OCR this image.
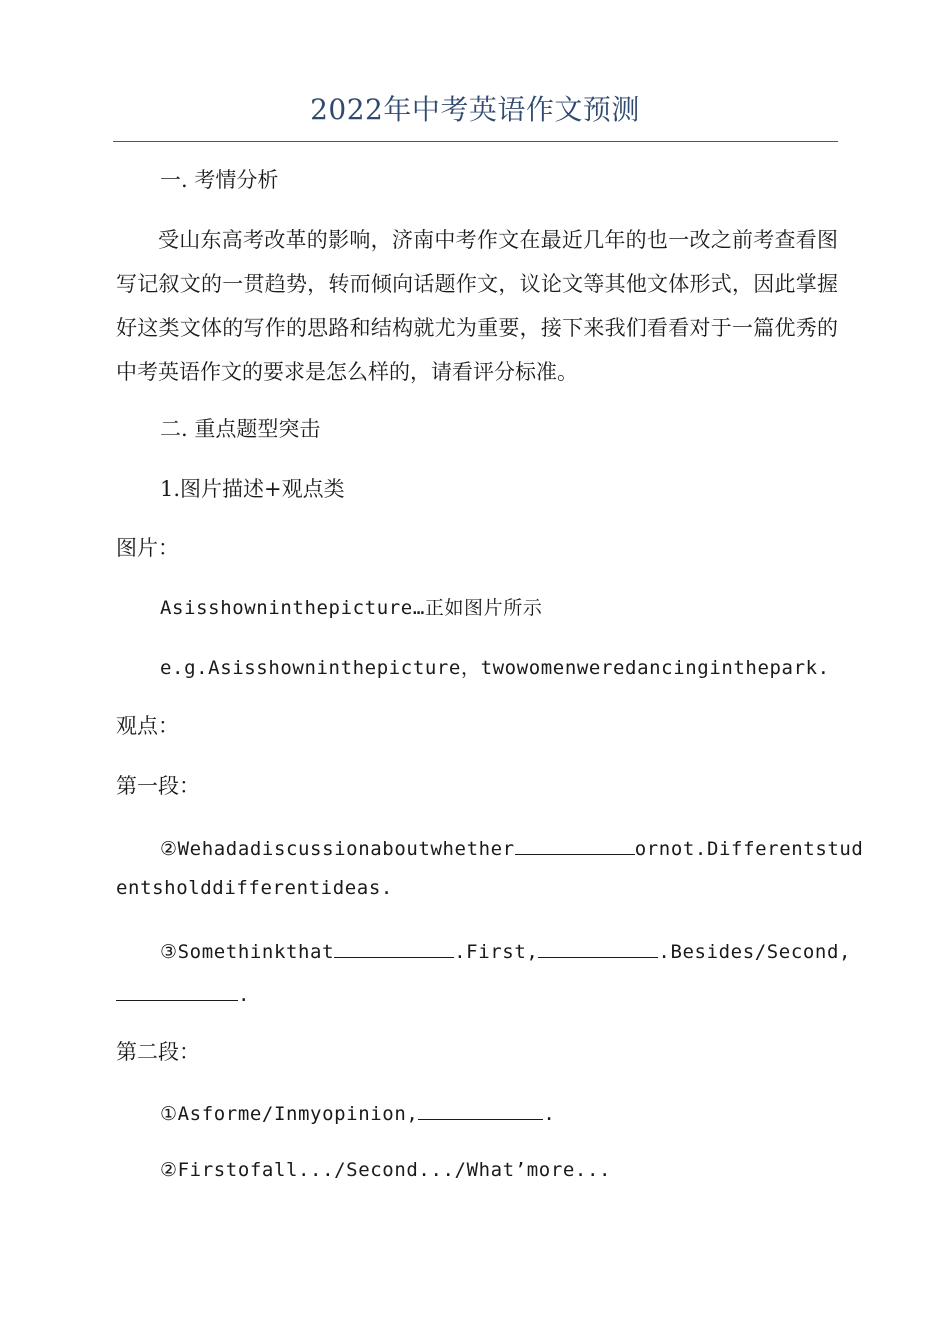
2022年中考英语作文预测

一. 考情分析

受山东高考改革的影响，济南中考作文在最近几年的也一改之前考查看图写记叙文的一贯趋势，转而倾向话题作文，议论文等其他文体形式，因此掌握好这类文体的写作的思路和结构就尤为重要，接下来我们看看对于一篇优秀的中考英语作文的要求是怎么样的，请看评分标准。

二. 重点题型突击

1.图片描述+观点类

图片：

Asisshowninthepicture…正如图片所示

e.g.Asisshowninthepicture，twowomenweredancinginthepark.

观点：

第一段：

②Wehadadiscussionaboutwhether	ornot.Differentstud

entsholddifferentideas.

③Somethinkthat	.First,	.Besides/Second,

.

第二段：

①Asforme/Inmyopinion,	.

②Firstofall.../Second.../What’more...
